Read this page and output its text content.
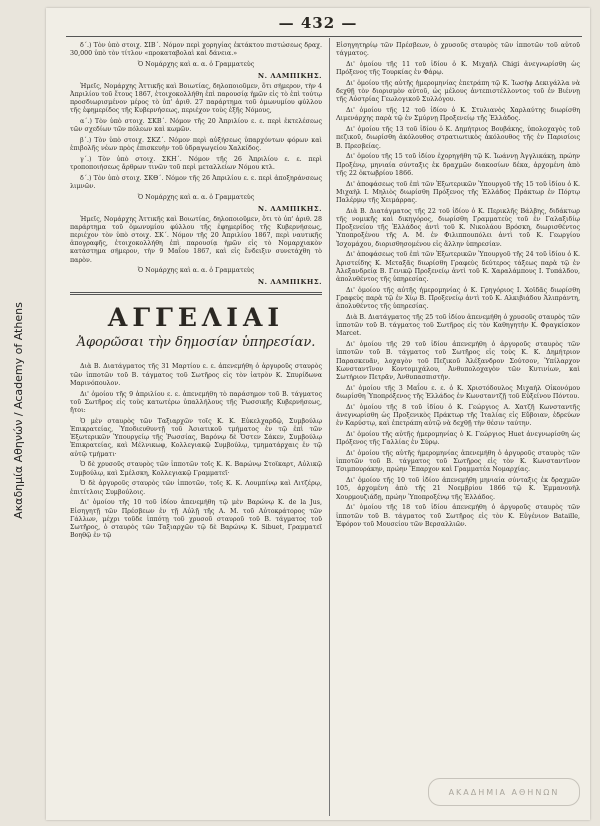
Ακαδημία Αθηνών / Academy of Athens
— 432 —

δ΄.) Τὸν ὑπὸ στοιχ. ΣΙΒ΄. Νόμον περὶ χορηγίας ἐκτάκτου πιστώσεως δραχ. 30,000 ὑπὸ τὸν τίτλον «προκαταβολαὶ καὶ δάνεια.»

Ὁ Νομάρχης καὶ α. α. ὁ Γραμματεὺς

Ν. ΛΑΜΠΙΚΗΣ.

Ἡμεῖς, Νομάρχης Ἀττικῆς καὶ Βοιωτίας, δηλοποιοῦμεν, ὅτι σήμερον, τὴν 4 Ἀπριλίου τοῦ ἔτους 1867, ἐτοιχοκολλήθη ἐπὶ παρουσίᾳ ἡμῶν εἰς τὸ ἐπὶ τούτῳ προσδιωρισμένον μέρος τὸ ὑπ' ἀριθ. 27 παράρτημα τοῦ ὁμωνυμίου φύλλου τῆς ἐφημερίδος τῆς Κυβερνήσεως, περιέχον τοὺς ἑξῆς Νόμους,

α΄.) Τὸν ὑπὸ στοιχ. ΣΚΒ΄. Νόμον τῆς 20 Ἀπριλίου ε. ε. περὶ ἐκτελέσεως τῶν σχεδίων τῶν πόλεων καὶ κωμῶν.

β΄.) Τὸν ὑπὸ στοιχ. ΣΚΖ΄. Νόμον περὶ αὐξήσεως ὑπαρχόντων φόρων καὶ ἐπιβολῆς νέων πρὸς ἐπισκευὴν τοῦ ὑδραγωγείου Χαλκίδος.

γ΄.) Τὸν ὑπὸ στοιχ. ΣΚΗ΄. Νόμον τῆς 26 Ἀπριλίου ε. ε. περὶ τροποποιήσεως ἄρθρων τινῶν τοῦ περὶ μεταλλείων Νόμου κτλ.

δ΄.) Τὸν ὑπὸ στοιχ. ΣΚΘ΄. Νόμον τῆς 26 Ἀπριλίου ε. ε. περὶ ἀποξηράνσεως λιμνῶν.

Ὁ Νομάρχης καὶ α. α. ὁ Γραμματεὺς

Ν. ΛΑΜΠΙΚΗΣ.

Ἡμεῖς, Νομάρχης Ἀττικῆς καὶ Βοιωτίας, δηλοποιοῦμεν, ὅτι τὸ ὑπ' ἀριθ. 28 παράρτημα τοῦ ὁμωνυμίου φύλλου τῆς ἐφημερίδος τῆς Κυβερνήσεως, περιέχον τὸν ὑπὸ στοιχ. ΣΚ΄. Νόμον τῆς 20 Ἀπριλίου 1867, περὶ ναυτικῆς ἀπογραφῆς, ἐτοιχοκολλήθη ἐπὶ παρουσίᾳ ἡμῶν εἰς τὸ Νομαρχιακὸν κατάστημα σήμερον, τὴν 9 Μαΐου 1867, καὶ εἰς ἔνδειξιν συνετάχθη τὸ παρὸν.

Ὁ Νομάρχης καὶ α. α. ὁ Γραμματεὺς

Ν. ΛΑΜΠΙΚΗΣ.

ΑΓΓΕΛΙΑΙ
Ἀφορῶσαι τὴν δημοσίαν ὑπηρεσίαν.

Διὰ Β. Διατάγματος τῆς 31 Μαρτίου ε. ε. ἀπενεμήθη ὁ ἀργυροῦς σταυρὸς τῶν ἱπποτῶν τοῦ Β. τάγματος τοῦ Σωτῆρος εἰς τὸν ἰατρὸν Κ. Σπυρίδωνα Μαρινόπουλον.

Δι' ὁμοίου τῆς 9 ἀπριλίου ε. ε. ἀπενεμήθη τὸ παράσημον τοῦ Β. τάγματος τοῦ Σωτῆρος εἰς τοὺς κατωτέρω ὑπαλλήλους τῆς Ῥωσσικῆς Κυβερνήσεως, ἤτοι:

Ὁ μὲν σταυρὸς τῶν Ταξιαρχῶν τοῖς Κ. Κ. Εὐκελχαρδῷ, Συμβούλῳ Ἐπικρατείας, Ὑποδιευθυντῇ τοῦ Ἀσιατικοῦ τμήματος ἐν τῷ ἐπὶ τῶν Ἐξωτερικῶν Ὑπουργείῳ τῆς Ῥωσσίας, Βαρόνῳ δὲ Ὄστεν Σάκεν, Συμβούλῳ Ἐπικρατείας, καὶ Μέλνικωφ, Κολλεγιακῷ Συμβούλῳ, τμηματάρχαις ἐν τῷ αὐτῷ τμήματι·

Ὁ δὲ χρυσοῦς σταυρὸς τῶν ἱπποτῶν τοῖς Κ. Κ. Βαρώνῳ Στοϊκαρτ, Αὐλικῷ Συμβούλῳ, καὶ Σμέλσκη, Κολλεγιακῷ Γραμματεῖ·

Ὁ δὲ ἀργυροῦς σταυρὸς τῶν ἱπποτῶν, τοῖς Κ. Κ. Λουμπίνῳ καὶ Λιτζέρῳ, ἐπιτίτλοις Συμβούλοις.

Δι' ὁμοίου τῆς 10 τοῦ ἰδίου ἀπενεμήθη τῷ μὲν Βαρώνῳ Κ. de la Jus, Εἰσηγητῇ τῶν Πρέσβεων ἐν τῇ Αὐλῇ τῆς Α. Μ. τοῦ Αὐτοκράτορος τῶν Γάλλων, μέχρι τοῦδε ἱππότῃ τοῦ χρυσοῦ σταυροῦ τοῦ Β. τάγματος τοῦ Σωτῆρος, ὁ σταυρὸς τῶν Ταξιαρχῶν τῷ δὲ Βαρώνῳ Κ. Sibuet, Γραμματεῖ Βοηθῷ ἐν τῷ

Εἰσηγητηρίῳ τῶν Πρέσβεων, ὁ χρυσοῦς σταυρὸς τῶν ἱπποτῶν τοῦ αὐτοῦ τάγματος.

Δι' ὁμοίου τῆς 11 τοῦ ἰδίου ὁ Κ. Μιχαὴλ Chigi ἀνεγνωρίσθη ὡς Πρόξενος τῆς Τουρκίας ἐν Φάρῳ.

Δι' ὁμοίου τῆς αὐτῆς ἡμερομηνίας ἐπετράπη τῷ Κ. Ἰωσὴφ Δεκιγάλλα νὰ δεχθῇ τὸν διορισμὸν αὐτοῦ, ὡς μέλους ἀντεπιστέλλοντος τοῦ ἐν Βιέννῃ τῆς Αὐστρίας Γεωλογικοῦ Συλλόγου.

Δι' ὁμοίου τῆς 12 τοῦ ἰδίου ὁ Κ. Στυλιανὸς Χαρλαύτης διωρίσθη Λιμενάρχης παρὰ τῷ ἐν Σμύρνῃ Προξενείῳ τῆς Ἑλλάδος.

Δι' ὁμοίου τῆς 13 τοῦ ἰδίου ὁ Κ. Δημήτριος Βουβάκης, ὑπολοχαγὸς τοῦ πεζικοῦ, διωρίσθη ἀκόλουθος στρατιωτικὸς ἀκόλουθος τῆς ἐν Παρισίοις Β. Πρεσβείας.

Δι' ὁμοίου τῆς 15 τοῦ ἰδίου ἐχορηγήθη τῷ Κ. Ἰωάννῃ Ἀγγλικάκῃ, πρώην Προξένῳ, μηνιαία σύνταξις ἐκ δραχμῶν διακοσίων δέκα, ἀρχομένη ἀπὸ τῆς 22 ὀκτωβρίου 1866.

Δι' ἀποφάσεως τοῦ ἐπὶ τῶν Ἐξωτερικῶν Ὑπουργοῦ τῆς 15 τοῦ ἰδίου ὁ Κ. Μιχαὴλ Ι. Μηλιὸς διωρίσθη Πρόξενος τῆς Ἑλλάδος Πράκτωρ ἐν Πόρτῳ Παλέρμῳ τῆς Χειμάρρας.

Διὰ Β. Διατάγματος τῆς 22 τοῦ ἰδίου ὁ Κ. Περικλῆς Βάλβης, διδάκτωρ τῆς νομικῆς καὶ δικηγόρος, διωρίσθη Γραμματεὺς τοῦ ἐν Γαλαξιδίῳ Προξενείου τῆς Ἑλλάδος ἀντὶ τοῦ Κ. Νικολάου Βρόσκη, διωρισθέντος Ὑποπροξένου τῆς Α. Μ. ἐν Φιλιππουπόλει ἀντὶ τοῦ Κ. Γεωργίου Ἰσχομάχου, διορισθησομένου εἰς ἄλλην ὑπηρεσίαν.

Δι' ἀποφάσεως τοῦ ἐπὶ τῶν Ἐξωτερικῶν Ὑπουργοῦ τῆς 24 τοῦ ἰδίου ὁ Κ. Ἀριστείδης Κ. Μεταξᾶς διωρίσθη Γραφεὺς δεύτερος τάξεως παρὰ τῷ ἐν Ἀλεξανδρείᾳ Β. Γενικῷ Προξενείῳ ἀντὶ τοῦ Κ. Χαραλάμπους Ι. Τυπάλδου, ἀπολυθέντος τῆς ὑπηρεσίας.

Δι' ὁμοίου τῆς αὐτῆς ἡμερομηνίας ὁ Κ. Γρηγόριος Ι. Χοϊδᾶς διωρίσθη Γραφεὺς παρὰ τῷ ἐν Χίῳ Β. Προξενείῳ ἀντὶ τοῦ Κ. Αλκιβιάδου Ἀλιπράντη, ἀπολυθέντος τῆς ὑπηρεσίας.

Διὰ Β. Διατάγματος τῆς 25 τοῦ ἰδίου ἀπενεμήθη ὁ χρυσοῦς σταυρὸς τῶν ἱπποτῶν τοῦ Β. τάγματος τοῦ Σωτῆρος εἰς τὸν Καθηγητὴν Κ. Φραγκίσκον Marcet.

Δι' ὁμοίου τῆς 29 τοῦ ἰδίου ἀπενεμήθη ὁ ἀργυροῦς σταυρὸς τῶν ἱπποτῶν τοῦ Β. τάγματος τοῦ Σωτῆρος εἰς τοὺς Κ. Κ. Δημήτριον Παρασκευᾶν, λοχαγὸν τοῦ Πεζικοῦ Ἀλέξανδρον Σούτσον, Ὑπίλαρχον Κωνσταντῖνον Κοντομιχάλου, Ἀνθυπολοχαγὸν τῶν Κυτινίων, καὶ Σωτήριον Πετρᾶν, Ἀνθυπασπιστὴν.

Δι' ὁμοίου τῆς 3 Μαΐου ε. ε. ὁ Κ. Χριστόδουλος Μιχαὴλ Οἰκονόμου διωρίσθη Ὑποπρόξενος τῆς Ἑλλάδος ἐν Κωνσταντζῇ τοῦ Εὐξείνου Πόντου.

Δι' ὁμοίου τῆς 8 τοῦ ἰδίου ὁ Κ. Γεώργιος Α. Χατζῆ Κωνσταντῆς ἀνεγνωρίσθη ὡς Προξενικὸς Πράκτωρ τῆς Ἰταλίας εἰς Εὔβοιαν, ἑδρεύων ἐν Καρύστῳ, καὶ ἐπετράπη αὐτῷ νὰ δεχθῇ τὴν θέσιν ταύτην.

Δι' ὁμοίου τῆς αὐτῆς ἡμερομηνίας ὁ Κ. Γεώργιος Huet ἀνεγνωρίσθη ὡς Πρόξενος τῆς Γαλλίας ἐν Σύρῳ.

Δι' ὁμοίου τῆς αὐτῆς ἡμερομηνίας ἀπενεμήθη ὁ ἀργυροῦς σταυρὸς τῶν ἱπποτῶν τοῦ Β. τάγματος τοῦ Σωτῆρος εἰς τὸν Κ. Κωνσταντῖνον Τσιμπουράκην, πρώην Ἔπαρχον καὶ Γραμματέα Νομαρχίας.

Δι' ὁμοίου τῆς 10 τοῦ ἰδίου ἀπενεμήθη μηνιαία σύνταξις ἐκ δραχμῶν 105, ἀρχομένη ἀπὸ τῆς 21 Νοεμβρίου 1866 τῷ Κ. Ἐμμανουὴλ Χουρμουζιάδῃ, πρώην Ὑποπροξένῳ τῆς Ἑλλάδος.

Δι' ὁμοίου τῆς 18 τοῦ ἰδίου ἀπενεμήθη ὁ ἀργυροῦς σταυρὸς τῶν ἱπποτῶν τοῦ Β. τάγματος τοῦ Σωτῆρος εἰς τὸν Κ. Εὐγένιον Bataille, Ἐφόρον τοῦ Μουσείου τῶν Βερσαλλιῶν.

ΑΚΑΔΗΜΙΑ ΑΘΗΝΩΝ
